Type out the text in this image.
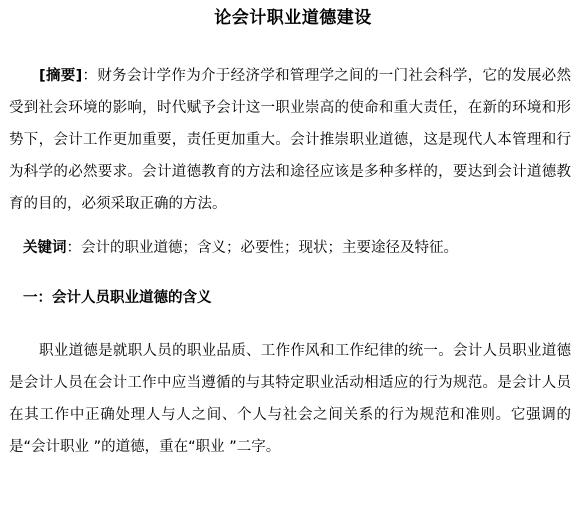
论会计职业道德建设

[摘要]：财务会计学作为介于经济学和管理学之间的一门社会科学，它的发展必然受到社会环境的影响，时代赋予会计这一职业崇高的使命和重大责任，在新的环境和形势下，会计工作更加重要，责任更加重大。会计推崇职业道德，这是现代人本管理和行为科学的必然要求。会计道德教育的方法和途径应该是多种多样的，要达到会计道德教育的目的，必须采取正确的方法。

关键词：会计的职业道德；含义；必要性；现状；主要途径及特征。

一：会计人员职业道德的含义

职业道德是就职人员的职业品质、工作作风和工作纪律的统一。会计人员职业道德是会计人员在会计工作中应当遵循的与其特定职业活动相适应的行为规范。是会计人员在其工作中正确处理人与人之间、个人与社会之间关系的行为规范和准则。它强调的是“会计职业 ”的道德，重在“职业 ”二字。
